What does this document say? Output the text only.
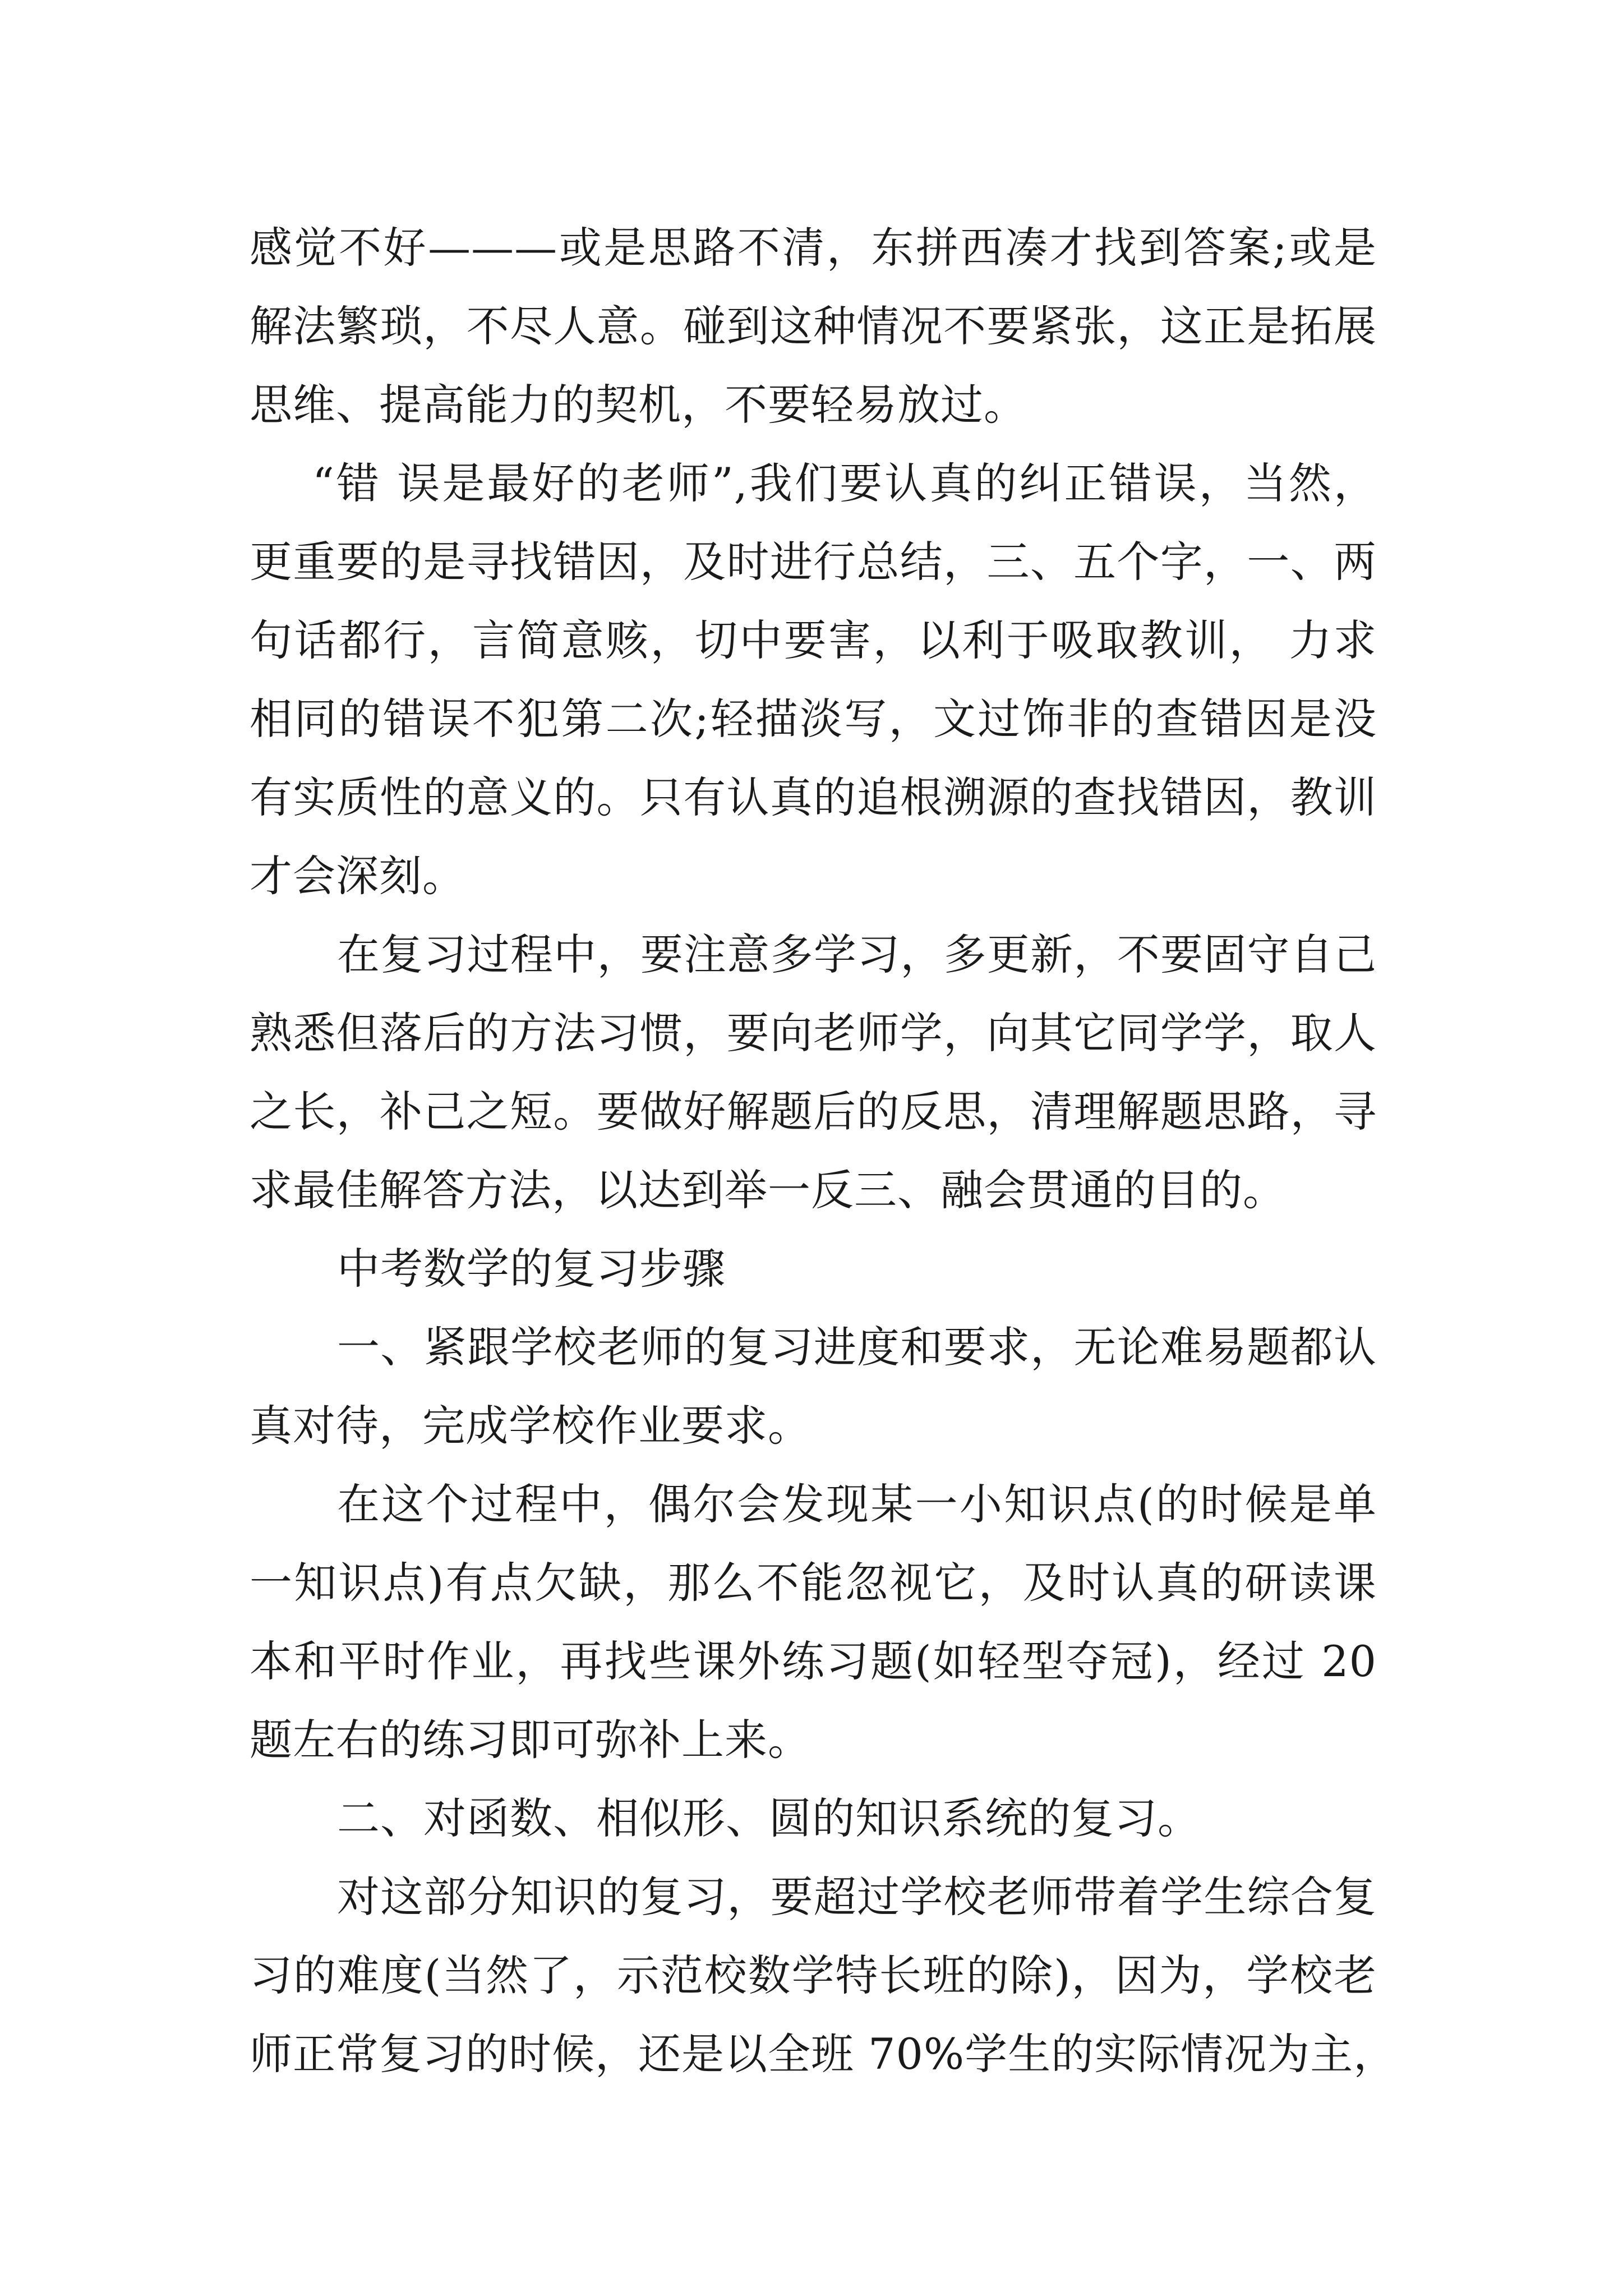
感觉不好———或是思路不清，东拼西凑才找到答案;或是
解法繁琐，不尽人意。碰到这种情况不要紧张，这正是拓展
思维、提高能力的契机，不要轻易放过。
“错 误是最好的老师”,我们要认真的纠正错误，当然，
更重要的是寻找错因，及时进行总结，三、五个字，一、两
句话都行，言简意赅，切中要害，以利于吸取教训， 力求
相同的错误不犯第二次;轻描淡写，文过饰非的查错因是没
有实质性的意义的。只有认真的追根溯源的查找错因，教训
才会深刻。
在复习过程中，要注意多学习，多更新，不要固守自己
熟悉但落后的方法习惯，要向老师学，向其它同学学，取人
之长，补己之短。要做好解题后的反思，清理解题思路，寻
求最佳解答方法，以达到举一反三、融会贯通的目的。
中考数学的复习步骤
一、紧跟学校老师的复习进度和要求，无论难易题都认
真对待，完成学校作业要求。
在这个过程中，偶尔会发现某一小知识点(的时候是单
一知识点)有点欠缺，那么不能忽视它，及时认真的研读课
本和平时作业，再找些课外练习题(如轻型夺冠)，经过 20
题左右的练习即可弥补上来。
二、对函数、相似形、圆的知识系统的复习。
对这部分知识的复习，要超过学校老师带着学生综合复
习的难度(当然了，示范校数学特长班的除)，因为，学校老
师正常复习的时候，还是以全班 70%学生的实际情况为主，
